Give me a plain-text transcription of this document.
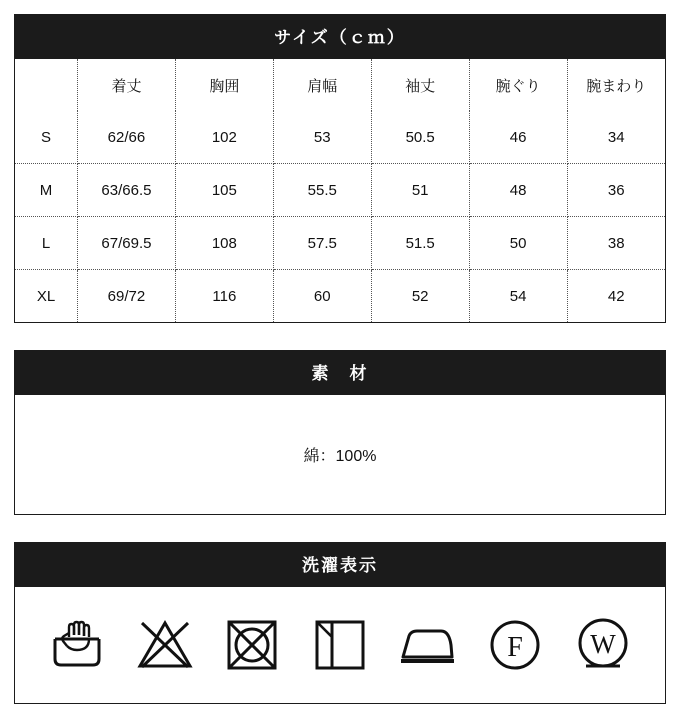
サイズ（ｃｍ）
	着丈	胸囲	肩幅	袖丈	腕ぐり	腕まわり
S	62/66	102	53	50.5	46	34
M	63/66.5	105	55.5	51	48	36
L	67/69.5	108	57.5	51.5	50	38
XL	69/72	116	60	52	54	42
素　材
綿：100%
洗濯表示
F W
